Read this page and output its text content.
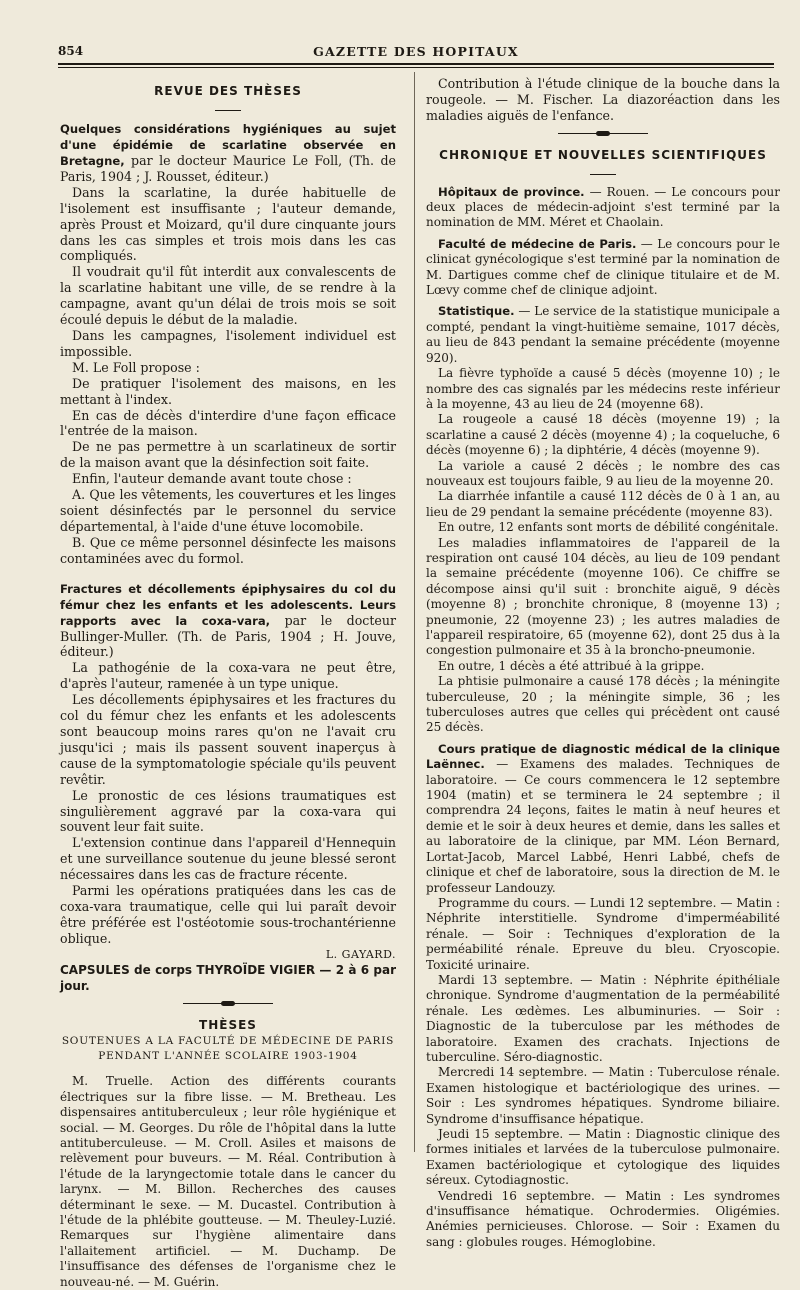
854	GAZETTE DES HOPITAUX
REVUE DES THÈSES

Quelques considérations hygiéniques au sujet d'une épidémie de scarlatine observée en Bretagne, par le docteur Maurice Le Foll, (Th. de Paris, 1904 ; J. Rousset, éditeur.)

Dans la scarlatine, la durée habituelle de l'isolement est insuffisante ; l'auteur demande, après Proust et Moizard, qu'il dure cinquante jours dans les cas simples et trois mois dans les cas compliqués.

Il voudrait qu'il fût interdit aux convalescents de la scarlatine habitant une ville, de se rendre à la campagne, avant qu'un délai de trois mois se soit écoulé depuis le début de la maladie.

Dans les campagnes, l'isolement individuel est impossible.

M. Le Foll propose :

De pratiquer l'isolement des maisons, en les mettant à l'index.

En cas de décès d'interdire d'une façon efficace l'entrée de la maison.

De ne pas permettre à un scarlatineux de sortir de la maison avant que la désinfection soit faite.

Enfin, l'auteur demande avant toute chose :

A. Que les vêtements, les couvertures et les linges soient désinfectés par le personnel du service départemental, à l'aide d'une étuve locomobile.

B. Que ce même personnel désinfecte les maisons contaminées avec du formol.

Fractures et décollements épiphysaires du col du fémur chez les enfants et les adolescents. Leurs rapports avec la coxa-vara, par le docteur Bullinger-Muller. (Th. de Paris, 1904 ; H. Jouve, éditeur.)

La pathogénie de la coxa-vara ne peut être, d'après l'auteur, ramenée à un type unique.

Les décollements épiphysaires et les fractures du col du fémur chez les enfants et les adolescents sont beaucoup moins rares qu'on ne l'avait cru jusqu'ici ; mais ils passent souvent inaperçus à cause de la symptomatologie spéciale qu'ils peuvent revêtir.

Le pronostic de ces lésions traumatiques est singulièrement aggravé par la coxa-vara qui souvent leur fait suite.

L'extension continue dans l'appareil d'Hennequin et une surveillance soutenue du jeune blessé seront nécessaires dans les cas de fracture récente.

Parmi les opérations pratiquées dans les cas de coxa-vara traumatique, celle qui lui paraît devoir être préférée est l'ostéotomie sous-trochantérienne oblique.

L. GAYARD.

CAPSULES de corps THYROÏDE VIGIER — 2 à 6 par jour.

THÈSES
SOUTENUES A LA FACULTÉ DE MÉDECINE DE PARIS
PENDANT L'ANNÉE SCOLAIRE 1903-1904

M. Truelle. Action des différents courants électriques sur la fibre lisse. — M. Bretheau. Les dispensaires antituberculeux ; leur rôle hygiénique et social. — M. Georges. Du rôle de l'hôpital dans la lutte antituberculeuse. — M. Croll. Asiles et maisons de relèvement pour buveurs. — M. Réal. Contribution à l'étude de la laryngectomie totale dans le cancer du larynx. — M. Billon. Recherches des causes déterminant le sexe. — M. Ducastel. Contribution à l'étude de la phlébite goutteuse. — M. Theuley-Luzié. Remarques sur l'hygiène alimentaire dans l'allaitement artificiel. — M. Duchamp. De l'insuffisance des défenses de l'organisme chez le nouveau-né. — M. Guérin.

Contribution à l'étude clinique de la bouche dans la rougeole. — M. Fischer. La diazoréaction dans les maladies aiguës de l'enfance.

CHRONIQUE ET NOUVELLES SCIENTIFIQUES

Hôpitaux de province. — Rouen. — Le concours pour deux places de médecin-adjoint s'est terminé par la nomination de MM. Méret et Chaolain.

Faculté de médecine de Paris. — Le concours pour le clinicat gynécologique s'est terminé par la nomination de M. Dartigues comme chef de clinique titulaire et de M. Lœvy comme chef de clinique adjoint.

Statistique. — Le service de la statistique municipale a compté, pendant la vingt-huitième semaine, 1017 décès, au lieu de 843 pendant la semaine précédente (moyenne 920).

La fièvre typhoïde a causé 5 décès (moyenne 10) ; le nombre des cas signalés par les médecins reste inférieur à la moyenne, 43 au lieu de 24 (moyenne 68).

La rougeole a causé 18 décès (moyenne 19) ; la scarlatine a causé 2 décès (moyenne 4) ; la coqueluche, 6 décès (moyenne 6) ; la diphtérie, 4 décès (moyenne 9).

La variole a causé 2 décès ; le nombre des cas nouveaux est toujours faible, 9 au lieu de la moyenne 20.

La diarrhée infantile a causé 112 décès de 0 à 1 an, au lieu de 29 pendant la semaine précédente (moyenne 83).

En outre, 12 enfants sont morts de débilité congénitale.

Les maladies inflammatoires de l'appareil de la respiration ont causé 104 décès, au lieu de 109 pendant la semaine précédente (moyenne 106). Ce chiffre se décompose ainsi qu'il suit : bronchite aiguë, 9 décès (moyenne 8) ; bronchite chronique, 8 (moyenne 13) ; pneumonie, 22 (moyenne 23) ; les autres maladies de l'appareil respiratoire, 65 (moyenne 62), dont 25 dus à la congestion pulmonaire et 35 à la broncho-pneumonie.

En outre, 1 décès a été attribué à la grippe.

La phtisie pulmonaire a causé 178 décès ; la méningite tuberculeuse, 20 ; la méningite simple, 36 ; les tuberculoses autres que celles qui précèdent ont causé 25 décès.

Cours pratique de diagnostic médical de la clinique Laënnec. — Examens des malades. Techniques de laboratoire. — Ce cours commencera le 12 septembre 1904 (matin) et se terminera le 24 septembre ; il comprendra 24 leçons, faites le matin à neuf heures et demie et le soir à deux heures et demie, dans les salles et au laboratoire de la clinique, par MM. Léon Bernard, Lortat-Jacob, Marcel Labbé, Henri Labbé, chefs de clinique et chef de laboratoire, sous la direction de M. le professeur Landouzy.

Programme du cours. — Lundi 12 septembre. — Matin : Néphrite interstitielle. Syndrome d'imperméabilité rénale. — Soir : Techniques d'exploration de la perméabilité rénale. Epreuve du bleu. Cryoscopie. Toxicité urinaire.

Mardi 13 septembre. — Matin : Néphrite épithéliale chronique. Syndrome d'augmentation de la perméabilité rénale. Les œdèmes. Les albuminuries. — Soir : Diagnostic de la tuberculose par les méthodes de laboratoire. Examen des crachats. Injections de tuberculine. Séro-diagnostic.

Mercredi 14 septembre. — Matin : Tuberculose rénale. Examen histologique et bactériologique des urines. — Soir : Les syndromes hépatiques. Syndrome biliaire. Syndrome d'insuffisance hépatique.

Jeudi 15 septembre. — Matin : Diagnostic clinique des formes initiales et larvées de la tuberculose pulmonaire. Examen bactériologique et cytologique des liquides séreux. Cytodiagnostic.

Vendredi 16 septembre. — Matin : Les syndromes d'insuffisance hématique. Ochrodermies. Oligémies. Anémies pernicieuses. Chlorose. — Soir : Examen du sang : globules rouges. Hémoglobine.
